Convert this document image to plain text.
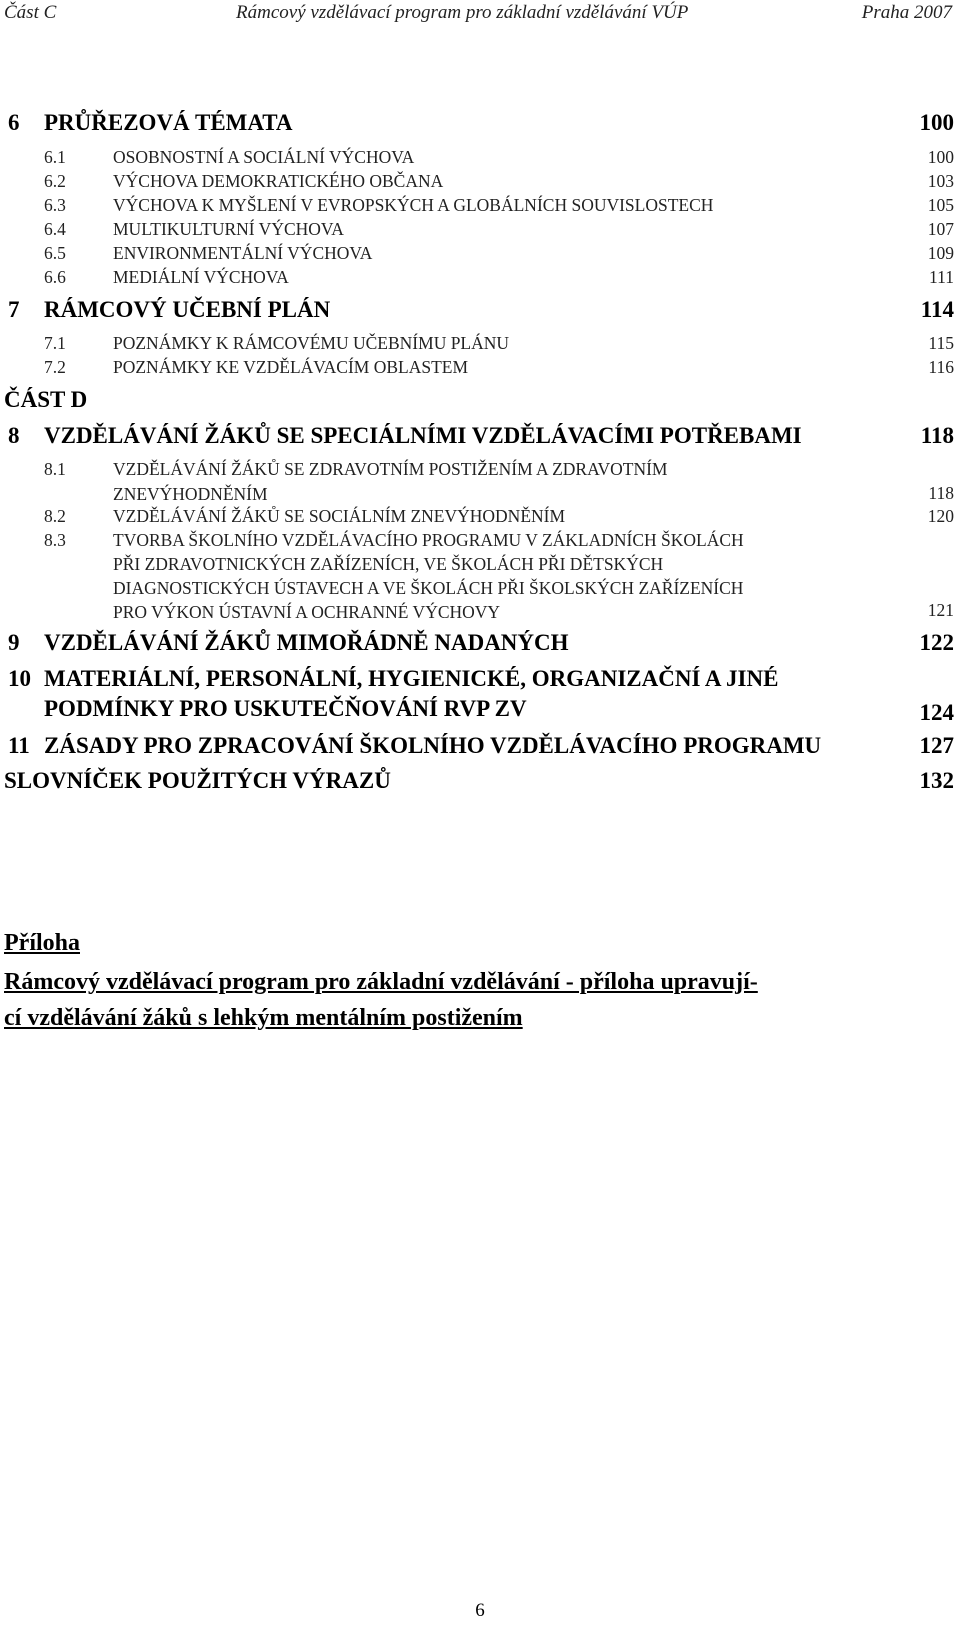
Část C	Rámcový vzdělávací program pro základní vzdělávání VÚP	Praha 2007
6 PRŮŘEZOVÁ TÉMATA	100
6.1	OSOBNOSTNÍ A SOCIÁLNÍ VÝCHOVA	100
6.2	VÝCHOVA DEMOKRATICKÉHO OBČANA	103
6.3	VÝCHOVA K MYŠLENÍ V EVROPSKÝCH A GLOBÁLNÍCH SOUVISLOSTECH	105
6.4	MULTIKULTURNÍ VÝCHOVA	107
6.5	ENVIRONMENTÁLNÍ VÝCHOVA	109
6.6	MEDIÁLNÍ VÝCHOVA	111
7 RÁMCOVÝ UČEBNÍ PLÁN	114
7.1	POZNÁMKY K RÁMCOVÉMU UČEBNÍMU PLÁNU	115
7.2	POZNÁMKY KE VZDĚLÁVACÍM OBLASTEM	116
ČÁST D
8 VZDĚLÁVÁNÍ ŽÁKŮ SE SPECIÁLNÍMI VZDĚLÁVACÍMI POTŘEBAMI	118
8.1	VZDĚLÁVÁNÍ ŽÁKŮ SE ZDRAVOTNÍM POSTIŽENÍM A ZDRAVOTNÍM
ZNEVÝHODNĚNÍM	118
8.2	VZDĚLÁVÁNÍ ŽÁKŮ SE SOCIÁLNÍM ZNEVÝHODNĚNÍM	120
8.3	TVORBA ŠKOLNÍHO VZDĚLÁVACÍHO PROGRAMU V ZÁKLADNÍCH ŠKOLÁCH
PŘI ZDRAVOTNICKÝCH ZAŘÍZENÍCH, VE ŠKOLÁCH PŘI DĚTSKÝCH
DIAGNOSTICKÝCH ÚSTAVECH A VE ŠKOLÁCH PŘI ŠKOLSKÝCH ZAŘÍZENÍCH
PRO VÝKON ÚSTAVNÍ A OCHRANNÉ VÝCHOVY	121
9 VZDĚLÁVÁNÍ ŽÁKŮ MIMOŘÁDNĚ NADANÝCH	122
10 MATERIÁLNÍ, PERSONÁLNÍ, HYGIENICKÉ, ORGANIZAČNÍ A JINÉ
PODMÍNKY PRO USKUTEČŇOVÁNÍ RVP ZV	124
11 ZÁSADY PRO ZPRACOVÁNÍ ŠKOLNÍHO VZDĚLÁVACÍHO PROGRAMU	127
SLOVNÍČEK POUŽITÝCH VÝRAZŮ	132
Příloha
Rámcový vzdělávací program pro základní vzdělávání - příloha upravují-
cí vzdělávání žáků s lehkým mentálním postižením
6
